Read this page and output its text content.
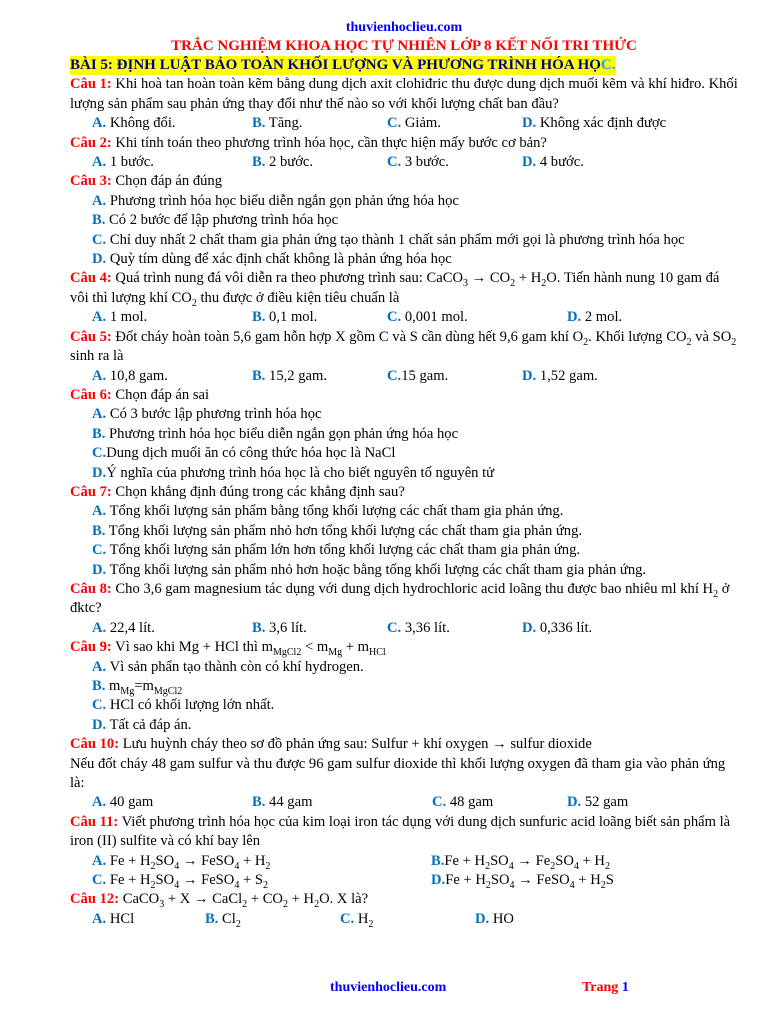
thuvienhoclieu.com
TRẮC NGHIỆM KHOA HỌC TỰ NHIÊN LỚP 8 KẾT NỐI TRI THỨC
BÀI 5: ĐỊNH LUẬT BẢO TOÀN KHỐI LƯỢNG VÀ PHƯƠNG TRÌNH HÓA HỌC.

Câu 1: Khi hoà tan hoàn toàn kẽm bằng dung dịch axit clohiđric thu được dung dịch muối kẽm và khí hiđro. Khối lượng sản phẩm sau phản ứng thay đổi như thế nào so với khối lượng chất ban đầu?

A. Không đổi.	B. Tăng.	C. Giảm.	D. Không xác định được

Câu 2: Khi tính toán theo phương trình hóa học, cần thực hiện mấy bước cơ bản?

A. 1 bước.	B. 2 bước.	C. 3 bước.	D. 4 bước.

Câu 3: Chọn đáp án đúng

A. Phương trình hóa học biểu diễn ngắn gọn phản ứng hóa học
B. Có 2 bước để lập phương trình hóa học
C. Chỉ duy nhất 2 chất tham gia phản ứng tạo thành 1 chất sản phẩm mới gọi là phương trình hóa học
D. Quỳ tím dùng để xác định chất không là phản ứng hóa học

Câu 4: Quá trình nung đá vôi diễn ra theo phương trình sau: CaCO$_3$ → $CO_2 + H_2O$. Tiến hành nung 10 gam đá vôi thì lượng khí $CO_2$ thu được ở điều kiện tiêu chuẩn là

A. 1 mol.	B. 0,1 mol.	C. 0,001 mol.	D. 2 mol.

Câu 5: Đốt cháy hoàn toàn 5,6 gam hỗn hợp X gồm C và S cần dùng hết 9,6 gam khí $O_2$. Khối lượng $CO_2$ và $SO_2$ sinh ra là

A. 10,8 gam.	B. 15,2 gam.	C.15 gam.	D. 1,52 gam.

Câu 6: Chọn đáp án sai

A. Có 3 bước lập phương trình hóa học
B. Phương trình hóa học biểu diễn ngắn gọn phản ứng hóa học
C.Dung dịch muối ăn có công thức hóa học là NaCl
D.Ý nghĩa của phương trình hóa học là cho biết nguyên tố nguyên tử

Câu 7: Chọn khẳng định đúng trong các khẳng định sau?

A. Tổng khối lượng sản phẩm bằng tổng khối lượng các chất tham gia phản ứng.
B. Tổng khối lượng sản phẩm nhỏ hơn tổng khối lượng các chất tham gia phản ứng.
C. Tổng khối lượng sản phẩm lớn hơn tổng khối lượng các chất tham gia phản ứng.
D. Tổng khối lượng sản phẩm nhỏ hơn hoặc bằng tổng khối lượng các chất tham gia phản ứng.

Câu 8: Cho 3,6 gam magnesium tác dụng với dung dịch hydrochloric acid loãng thu được bao nhiêu ml khí $H_2$ ở đktc?

A. 22,4 lít.	B. 3,6 lít.	C. 3,36 lít.	D. 0,336 lít.

Câu 9: Vì sao khi Mg + HCl thì $m_{MgCl2} < m_{Mg} + m_{HCl}$

A. Vì sản phẩn tạo thành còn có khí hydrogen.
B. $m_{Mg}=m_{MgCl2}$
C. HCl có khối lượng lớn nhất.
D. Tất cả đáp án.

Câu 10: Lưu huỳnh cháy theo sơ đồ phản ứng sau: Sulfur + khí oxygen → sulfur dioxide

Nếu đốt cháy 48 gam sulfur và thu được 96 gam sulfur dioxide thì khối lượng oxygen đã tham gia vào phản ứng là:

A. 40 gam	B. 44 gam	C. 48 gam	D. 52 gam

Câu 11: Viết phương trình hóa học của kim loại iron tác dụng với dung dịch sunfuric acid loãng biết sản phẩm là iron (II) sulfite và có khí bay lên

A. $Fe + H_2SO_4$ → FeSO$_4$ + $H_2$	$B.Fe + H_2SO_4 \to Fe_2SO_4 + H_2$
C. $Fe + H_2SO_4$ → FeSO$_4$ + $S_2$	$D.Fe + H_2SO_4$ → FeSO$_4$ + $H_2S$

Câu 12: CaCO$_3$ + X → CaCl$_2$ + $CO_2 + H_2O$. X là?

A. HCl	B. $Cl_2$	C. $H_2$	D. HO
thuvienhoclieu.com	Trang 1
